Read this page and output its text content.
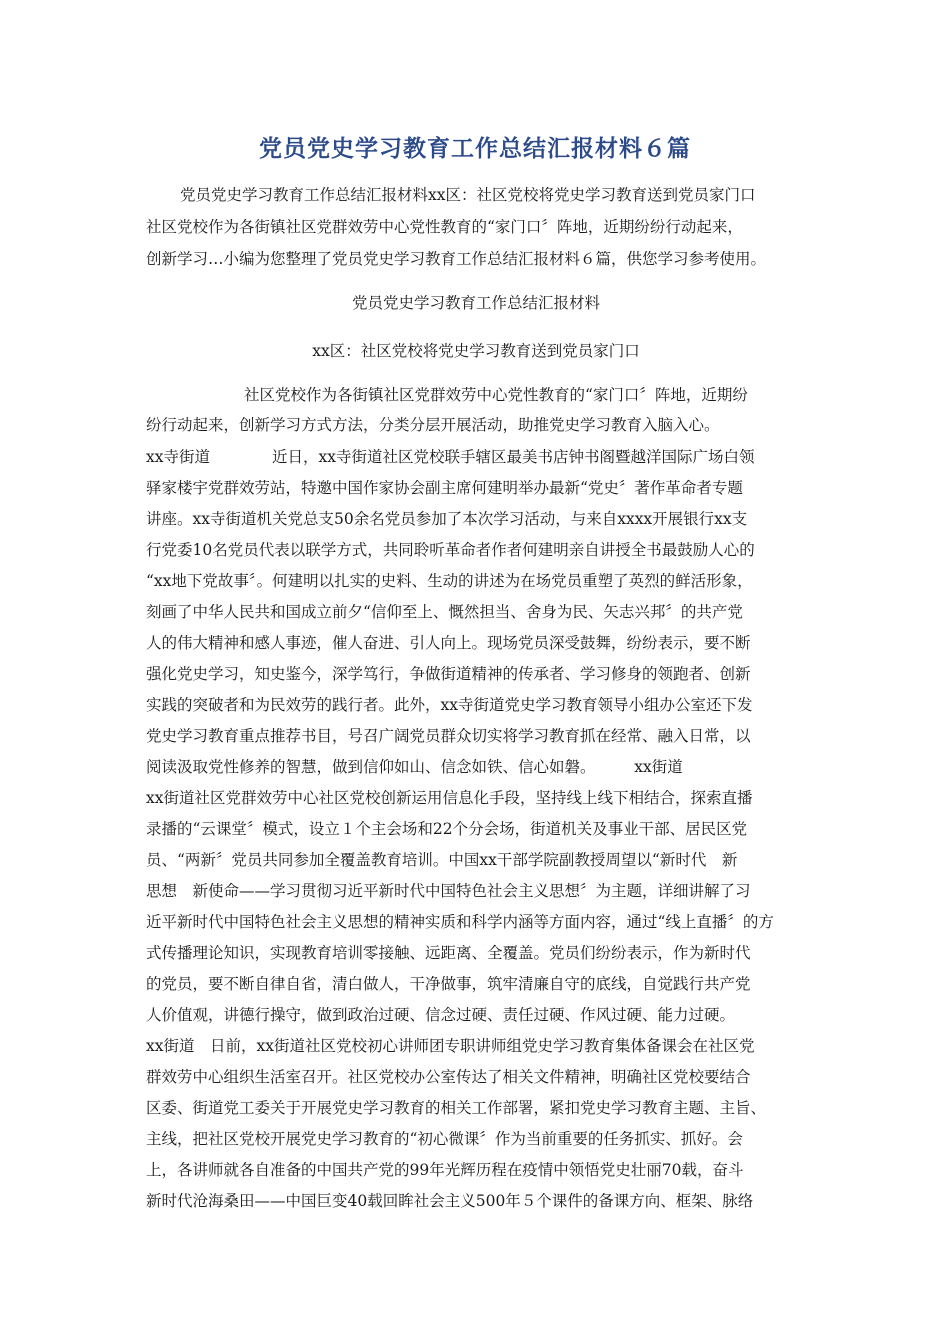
党员党史学习教育工作总结汇报材料６篇
党员党史学习教育工作总结汇报材料xx区：社区党校将党史学习教育送到党员家门口
社区党校作为各街镇社区党群效劳中心党性教育的“家门口〞阵地，近期纷纷行动起来，
创新学习…小编为您整理了党员党史学习教育工作总结汇报材料６篇，供您学习参考使用。
党员党史学习教育工作总结汇报材料
xx区：社区党校将党史学习教育送到党员家门口
社区党校作为各街镇社区党群效劳中心党性教育的“家门口〞阵地，近期纷
纷行动起来，创新学习方式方法，分类分层开展活动，助推党史学习教育入脑入心。
xx寺街道　　　　近日，xx寺街道社区党校联手辖区最美书店钟书阁暨越洋国际广场白领
驿家楼宇党群效劳站，特邀中国作家协会副主席何建明举办最新“党史〞著作革命者专题
讲座。xx寺街道机关党总支50余名党员参加了本次学习活动，与来自xxxx开展银行xx支
行党委10名党员代表以联学方式，共同聆听革命者作者何建明亲自讲授全书最鼓励人心的
“xx地下党故事〞。何建明以扎实的史料、生动的讲述为在场党员重塑了英烈的鲜活形象，
刻画了中华人民共和国成立前夕“信仰至上、慨然担当、舍身为民、矢志兴邦〞的共产党
人的伟大精神和感人事迹，催人奋进、引人向上。现场党员深受鼓舞，纷纷表示，要不断
强化党史学习，知史鉴今，深学笃行，争做街道精神的传承者、学习修身的领跑者、创新
实践的突破者和为民效劳的践行者。此外，xx寺街道党史学习教育领导小组办公室还下发
党史学习教育重点推荐书目，号召广阔党员群众切实将学习教育抓在经常、融入日常，以
阅读汲取党性修养的智慧，做到信仰如山、信念如铁、信心如磐。　　　xx街道
xx街道社区党群效劳中心社区党校创新运用信息化手段，坚持线上线下相结合，探索直播
录播的“云课堂〞模式，设立１个主会场和22个分会场，街道机关及事业干部、居民区党
员、“两新〞党员共同参加全覆盖教育培训。中国xx干部学院副教授周望以“新时代　新
思想　新使命——学习贯彻习近平新时代中国特色社会主义思想〞为主题，详细讲解了习
近平新时代中国特色社会主义思想的精神实质和科学内涵等方面内容，通过“线上直播〞的方
式传播理论知识，实现教育培训零接触、远距离、全覆盖。党员们纷纷表示，作为新时代
的党员，要不断自律自省，清白做人，干净做事，筑牢清廉自守的底线，自觉践行共产党
人价值观，讲德行操守，做到政治过硬、信念过硬、责任过硬、作风过硬、能力过硬。
xx街道　日前，xx街道社区党校初心讲师团专职讲师组党史学习教育集体备课会在社区党
群效劳中心组织生活室召开。社区党校办公室传达了相关文件精神，明确社区党校要结合
区委、街道党工委关于开展党史学习教育的相关工作部署，紧扣党史学习教育主题、主旨、
主线，把社区党校开展党史学习教育的“初心微课〞作为当前重要的任务抓实、抓好。会
上，各讲师就各自准备的中国共产党的99年光辉历程在疫情中领悟党史壮丽70载，奋斗
新时代沧海桑田——中国巨变40载回眸社会主义500年５个课件的备课方向、框架、脉络
